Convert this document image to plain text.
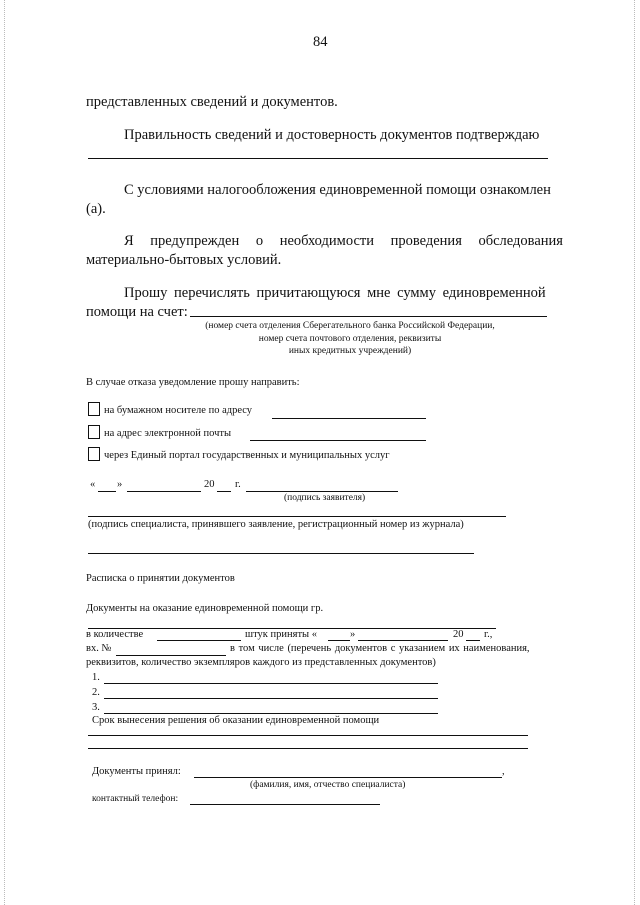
84
представленных сведений и документов.
Правильность сведений и достоверность документов подтверждаю
С условиями налогообложения единовременной помощи ознакомлен
(а).
Я предупрежден о необходимости проведения обследования
материально-бытовых условий.
Прошу перечислять причитающуюся мне сумму единовременной
помощи на счет:
(номер счета отделения Сберегательного банка Российской Федерации,
номер счета почтового отделения, реквизиты
иных кредитных учреждений)
В случае отказа уведомление прошу направить:
на бумажном носителе по адресу
на адрес электронной почты
через Единый портал государственных и муниципальных услуг
« »	20 г.
(подпись заявителя)
(подпись специалиста, принявшего заявление, регистрационный номер из журнала)
Расписка о принятии документов
Документы на оказание единовременной помощи гр.
в количестве	штук приняты «	»	20 г.,
вх. №	в том числе (перечень документов с указанием их наименования,
реквизитов, количество экземпляров каждого из представленных документов)
1.
2.
3.
Срок вынесения решения об оказании единовременной помощи
Документы принял:	,
(фамилия, имя, отчество специалиста)
контактный телефон:
